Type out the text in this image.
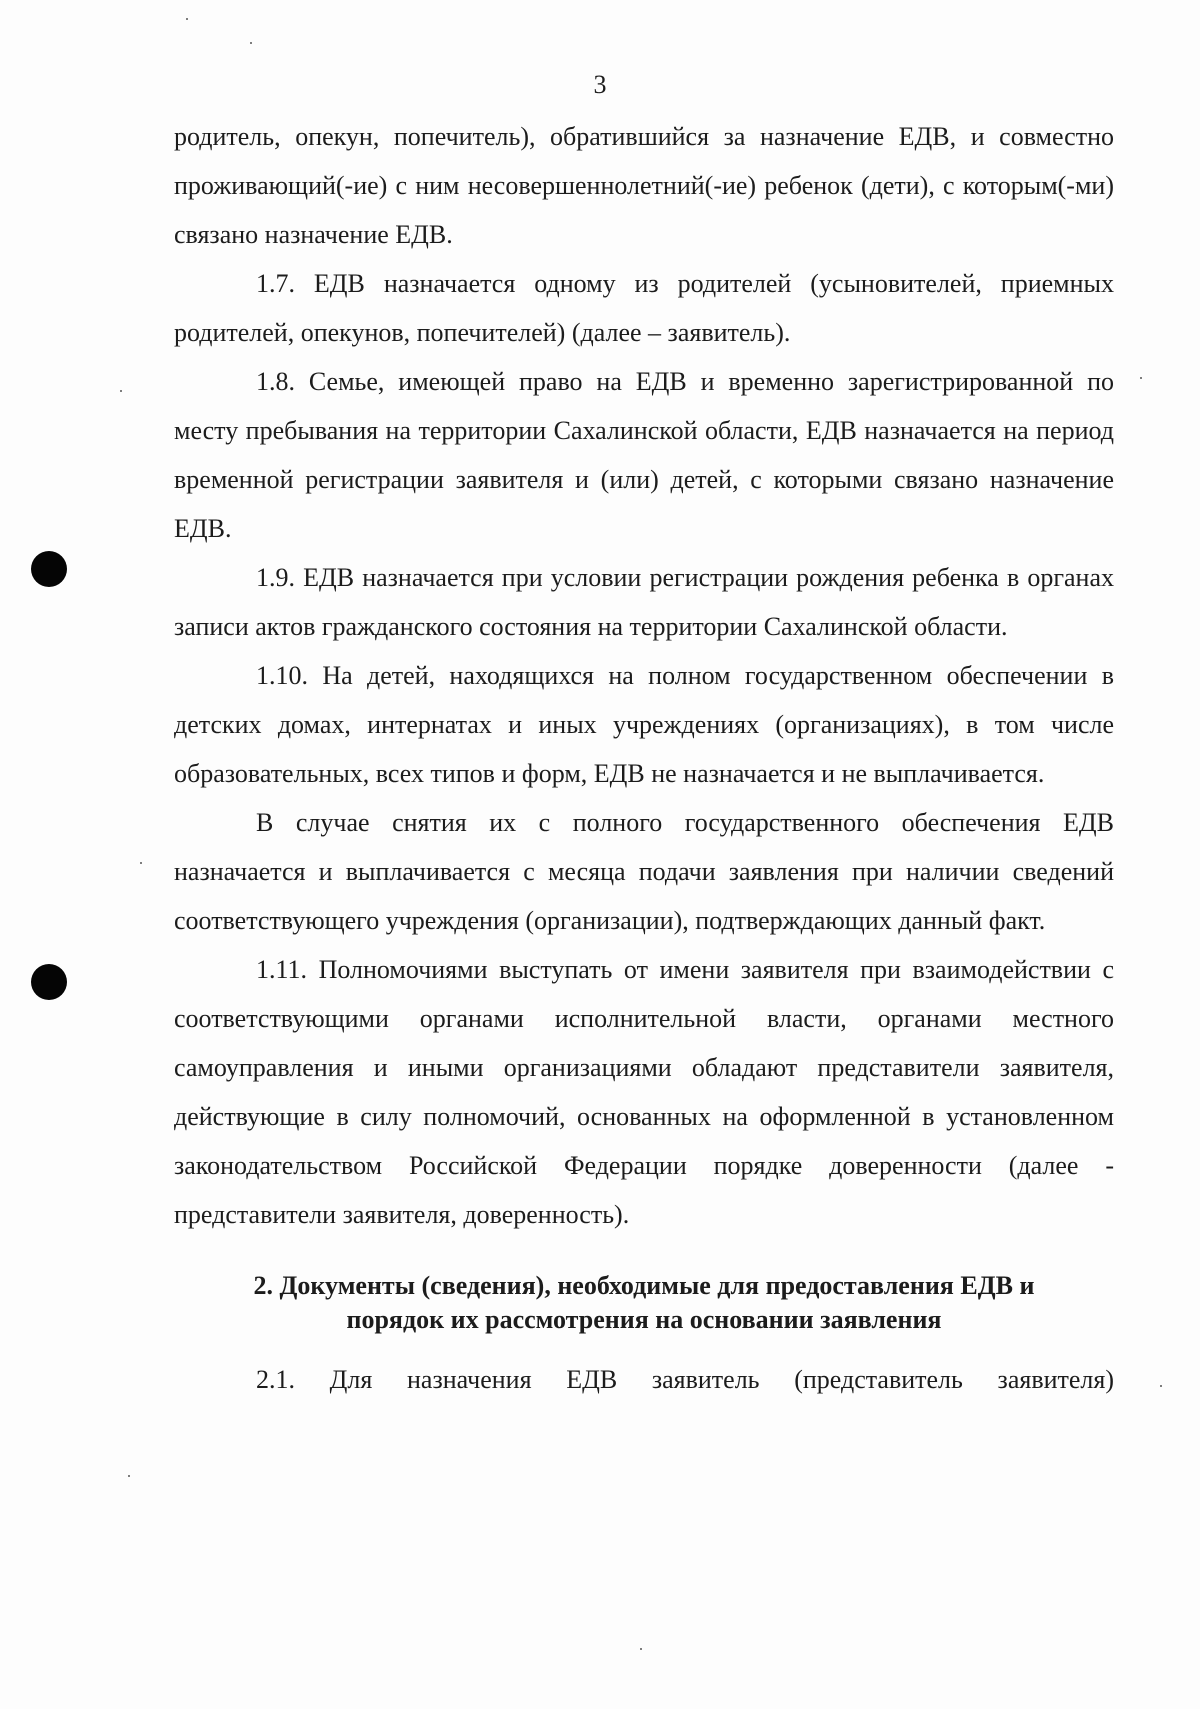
3

родитель, опекун, попечитель), обратившийся за назначение ЕДВ, и совместно проживающий(-ие) с ним несовершеннолетний(-ие) ребенок (дети), с которым(-ми) связано назначение ЕДВ.

1.7. ЕДВ назначается одному из родителей (усыновителей, приемных родителей, опекунов, попечителей) (далее – заявитель).

1.8. Семье, имеющей право на ЕДВ и временно зарегистрированной по месту пребывания на территории Сахалинской области, ЕДВ назначается на период временной регистрации заявителя и (или) детей, с которыми связано назначение ЕДВ.

1.9. ЕДВ назначается при условии регистрации рождения ребенка в органах записи актов гражданского состояния на территории Сахалинской области.

1.10. На детей, находящихся на полном государственном обеспечении в детских домах, интернатах и иных учреждениях (организациях), в том числе образовательных, всех типов и форм, ЕДВ не назначается и не выплачивается.

В случае снятия их с полного государственного обеспечения ЕДВ назначается и выплачивается с месяца подачи заявления при наличии сведений соответствующего учреждения (организации), подтверждающих данный факт.

1.11. Полномочиями выступать от имени заявителя при взаимодействии с соответствующими органами исполнительной власти, органами местного самоуправления и иными организациями обладают представители заявителя, действующие в силу полномочий, основанных на оформленной в установленном законодательством Российской Федерации порядке доверенности (далее - представители заявителя, доверенность).

2. Документы (сведения), необходимые для предоставления ЕДВ и
порядок их рассмотрения на основании заявления

2.1. Для назначения ЕДВ заявитель (представитель заявителя)
